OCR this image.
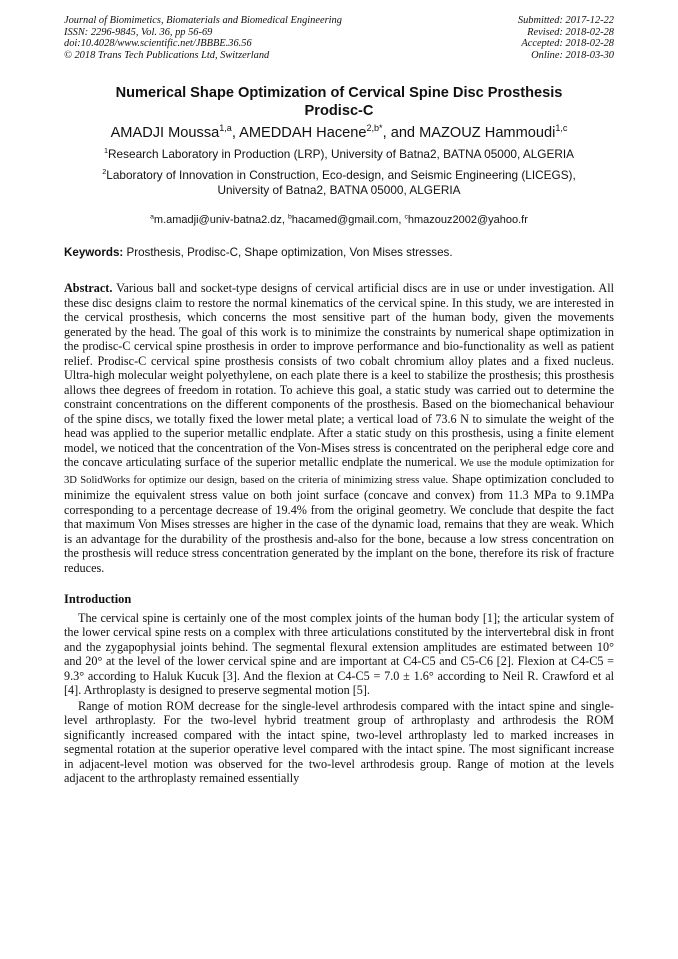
Journal of Biomimetics, Biomaterials and Biomedical Engineering
ISSN: 2296-9845, Vol. 36, pp 56-69
doi:10.4028/www.scientific.net/JBBBE.36.56
© 2018 Trans Tech Publications Ltd, Switzerland
Submitted: 2017-12-22
Revised: 2018-02-28
Accepted: 2018-02-28
Online: 2018-03-30
Numerical Shape Optimization of Cervical Spine Disc Prosthesis
Prodisc-C
AMADJI Moussa$^{1,a}$, AMEDDAH Hacene$^{2,b*}$, and MAZOUZ Hammoudi$^{1,c}$
$^1$Research Laboratory in Production (LRP), University of Batna2, BATNA 05000, ALGERIA
$^2$Laboratory of Innovation in Construction, Eco-design, and Seismic Engineering (LICEGS),
University of Batna2, BATNA 05000, ALGERIA
$^a$m.amadji@univ-batna2.dz, $^b$hacamed@gmail.com, $^c$hmazouz2002@yahoo.fr
Keywords: Prosthesis, Prodisc-C, Shape optimization, Von Mises stresses.
Abstract. Various ball and socket-type designs of cervical artificial discs are in use or under investigation. All these disc designs claim to restore the normal kinematics of the cervical spine. In this study, we are interested in the cervical prosthesis, which concerns the most sensitive part of the human body, given the movements generated by the head. The goal of this work is to minimize the constraints by numerical shape optimization in the prodisc-C cervical spine prosthesis in order to improve performance and bio-functionality as well as patient relief. Prodisc-C cervical spine prosthesis consists of two cobalt chromium alloy plates and a fixed nucleus. Ultra-high molecular weight polyethylene, on each plate there is a keel to stabilize the prosthesis; this prosthesis allows thee degrees of freedom in rotation. To achieve this goal, a static study was carried out to determine the constraint concentrations on the different components of the prosthesis. Based on the biomechanical behaviour of the spine discs, we totally fixed the lower metal plate; a vertical load of 73.6 N to simulate the weight of the head was applied to the superior metallic endplate. After a static study on this prosthesis, using a finite element model, we noticed that the concentration of the Von-Mises stress is concentrated on the peripheral edge core and the concave articulating surface of the superior metallic endplate the numerical. We use the module optimization for 3D SolidWorks for optimize our design, based on the criteria of minimizing stress value. Shape optimization concluded to minimize the equivalent stress value on both joint surface (concave and convex) from 11.3 MPa to 9.1MPa corresponding to a percentage decrease of 19.4% from the original geometry. We conclude that despite the fact that maximum Von Mises stresses are higher in the case of the dynamic load, remains that they are weak. Which is an advantage for the durability of the prosthesis and-also for the bone, because a low stress concentration on the prosthesis will reduce stress concentration generated by the implant on the bone, therefore its risk of fracture reduces.
Introduction

The cervical spine is certainly one of the most complex joints of the human body [1]; the articular system of the lower cervical spine rests on a complex with three articulations constituted by the intervertebral disk in front and the zygapophysial joints behind. The segmental flexural extension amplitudes are estimated between 10° and 20° at the level of the lower cervical spine and are important at C4-C5 and C5-C6 [2]. Flexion at C4-C5 = 9.3° according to Haluk Kucuk [3]. And the flexion at C4-C5 = 7.0 ± 1.6° according to Neil R. Crawford et al [4]. Arthroplasty is designed to preserve segmental motion [5].

Range of motion ROM decrease for the single-level arthrodesis compared with the intact spine and single-level arthroplasty. For the two-level hybrid treatment group of arthroplasty and arthrodesis the ROM significantly increased compared with the intact spine, two-level arthroplasty led to marked increases in segmental rotation at the superior operative level compared with the intact spine. The most significant increase in adjacent-level motion was observed for the two-level arthrodesis group. Range of motion at the levels adjacent to the arthroplasty remained essentially
